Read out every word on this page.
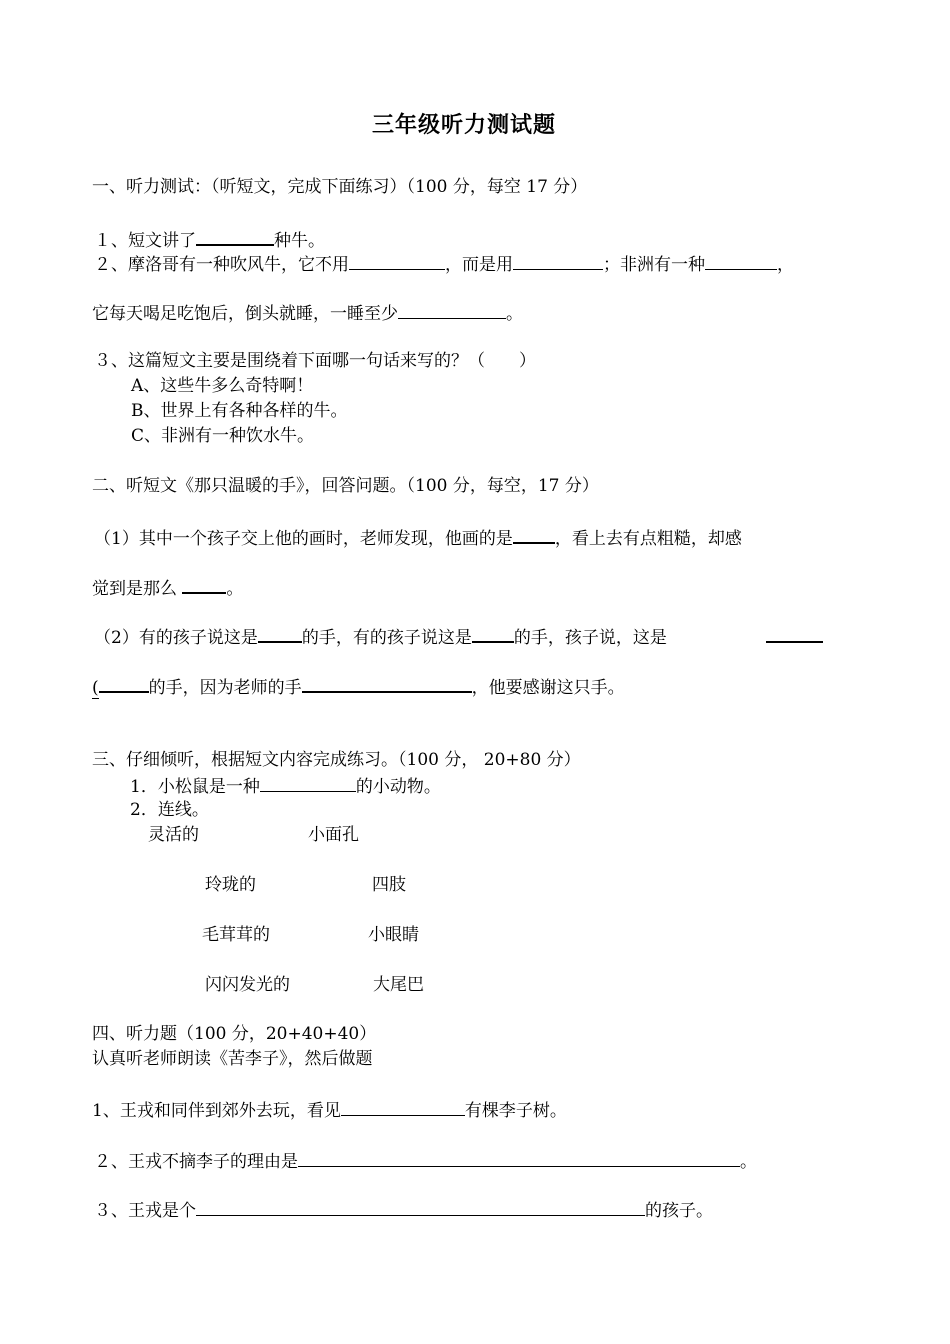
三年级听力测试题
一、听力测试：（听短文，完成下面练习）（100 分，每空 17 分）
１、短文讲了	种牛。
２、摩洛哥有一种吹风牛，它不用	，而是用	；非洲有一种	，
它每天喝足吃饱后，倒头就睡，一睡至少	。
３、这篇短文主要是围绕着下面哪一句话来写的？（　　）
A、这些牛多么奇特啊！
B、世界上有各种各样的牛。
C、非洲有一种饮水牛。
二、听短文《那只温暖的手》，回答问题。（100 分，每空，17 分）
（1）其中一个孩子交上他的画时，老师发现，他画的是 ，看上去有点粗糙，却感
觉到是那么	。
（2）有的孩子说这是	的手，有的孩子说这是 的手，孩子说，这是
(	的手，因为老师的手	，他要感谢这只手。
三、仔细倾听，根据短文内容完成练习。（100 分， 20+80 分）
1．小松鼠是一种	的小动物。
2．连线。
灵活的	小面孔
玲珑的	四肢
毛茸茸的	小眼睛
闪闪发光的	大尾巴
四、听力题（100 分，20+40+40）
认真听老师朗读《苦李子》，然后做题
1、王戎和同伴到郊外去玩，看见	有棵李子树。
２、王戎不摘李子的理由是	。
３、王戎是个	的孩子。
